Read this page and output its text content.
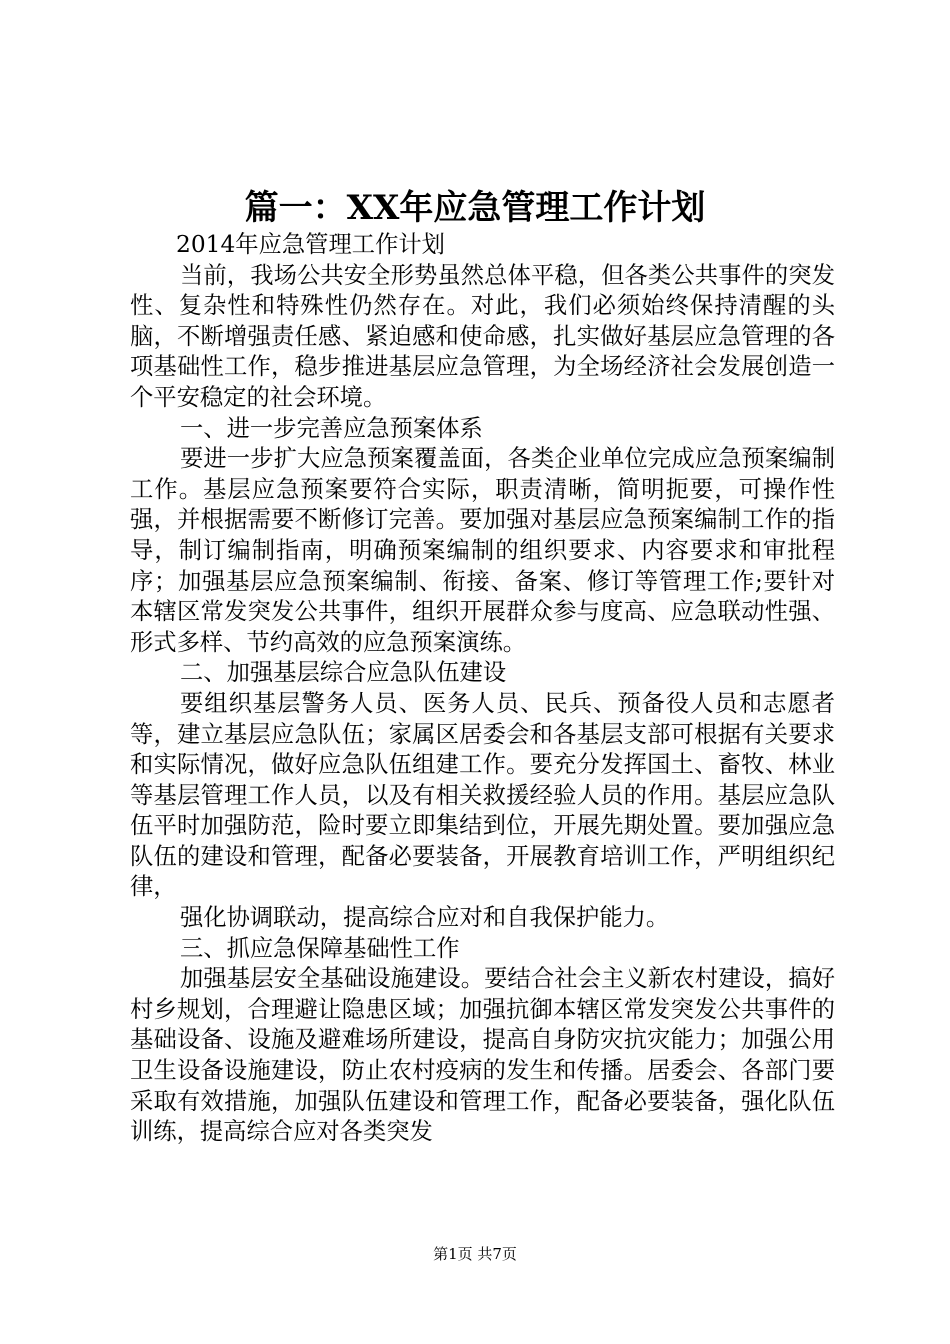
篇一：XX年应急管理工作计划

2014年应急管理工作计划

当前，我场公共安全形势虽然总体平稳，但各类公共事件的突发性、复杂性和特殊性仍然存在。对此，我们必须始终保持清醒的头脑，不断增强责任感、紧迫感和使命感，扎实做好基层应急管理的各项基础性工作，稳步推进基层应急管理，为全场经济社会发展创造一个平安稳定的社会环境。

一、进一步完善应急预案体系

要进一步扩大应急预案覆盖面，各类企业单位完成应急预案编制工作。基层应急预案要符合实际，职责清晰，简明扼要，可操作性强，并根据需要不断修订完善。要加强对基层应急预案编制工作的指导，制订编制指南，明确预案编制的组织要求、内容要求和审批程序；加强基层应急预案编制、衔接、备案、修订等管理工作;要针对本辖区常发突发公共事件，组织开展群众参与度高、应急联动性强、形式多样、节约高效的应急预案演练。

二、加强基层综合应急队伍建设

要组织基层警务人员、医务人员、民兵、预备役人员和志愿者等，建立基层应急队伍；家属区居委会和各基层支部可根据有关要求和实际情况，做好应急队伍组建工作。要充分发挥国土、畜牧、林业等基层管理工作人员，以及有相关救援经验人员的作用。基层应急队伍平时加强防范，险时要立即集结到位，开展先期处置。要加强应急队伍的建设和管理，配备必要装备，开展教育培训工作，严明组织纪律，

强化协调联动，提高综合应对和自我保护能力。

三、抓应急保障基础性工作

加强基层安全基础设施建设。要结合社会主义新农村建设，搞好村乡规划，合理避让隐患区域；加强抗御本辖区常发突发公共事件的基础设备、设施及避难场所建设，提高自身防灾抗灾能力；加强公用卫生设备设施建设，防止农村疫病的发生和传播。居委会、各部门要采取有效措施，加强队伍建设和管理工作，配备必要装备，强化队伍训练，提高综合应对各类突发

第1页 共7页
